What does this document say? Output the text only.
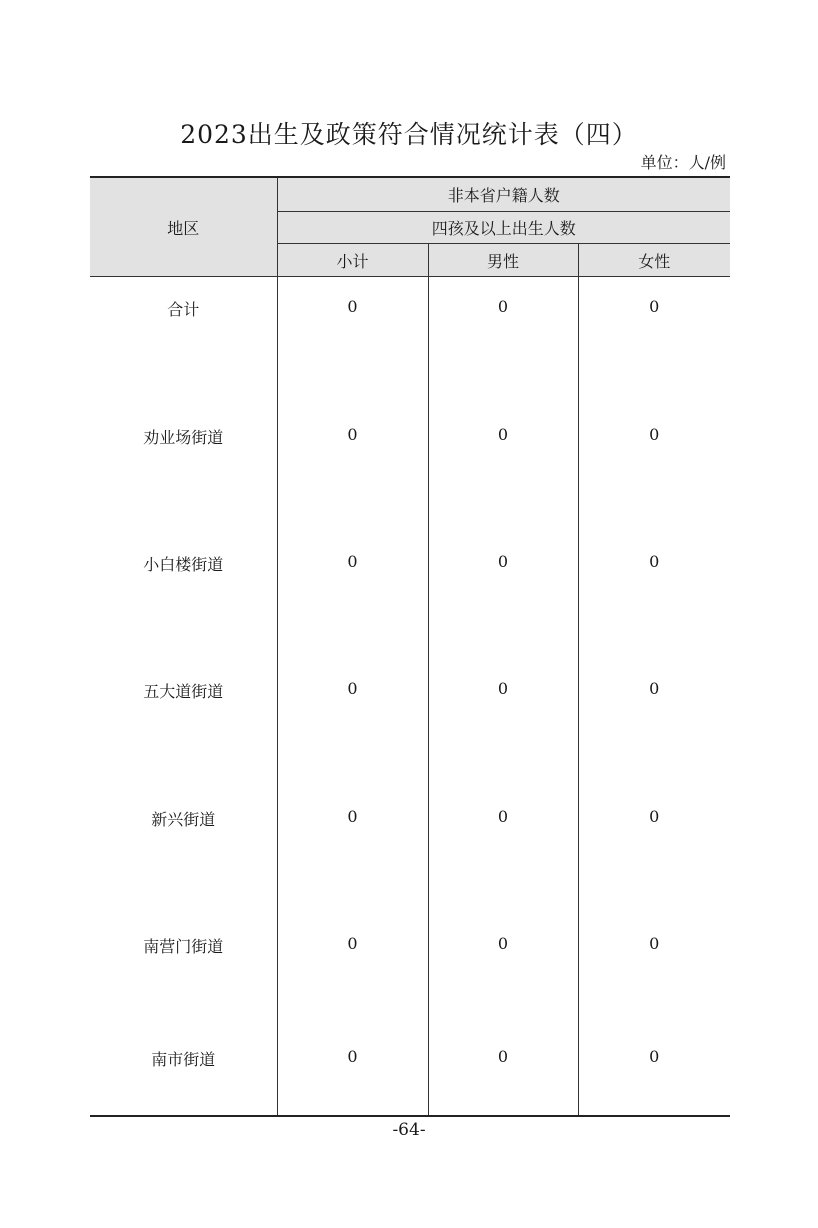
2023出生及政策符合情况统计表（四）
单位：人/例
地区	非本省户籍人数		
	四孩及以上出生人数		
	小计	男性	女性
合计	0	0	0
劝业场街道	0	0	0
小白楼街道	0	0	0
五大道街道	0	0	0
新兴街道	0	0	0
南营门街道	0	0	0
南市街道	0	0	0
-64-
